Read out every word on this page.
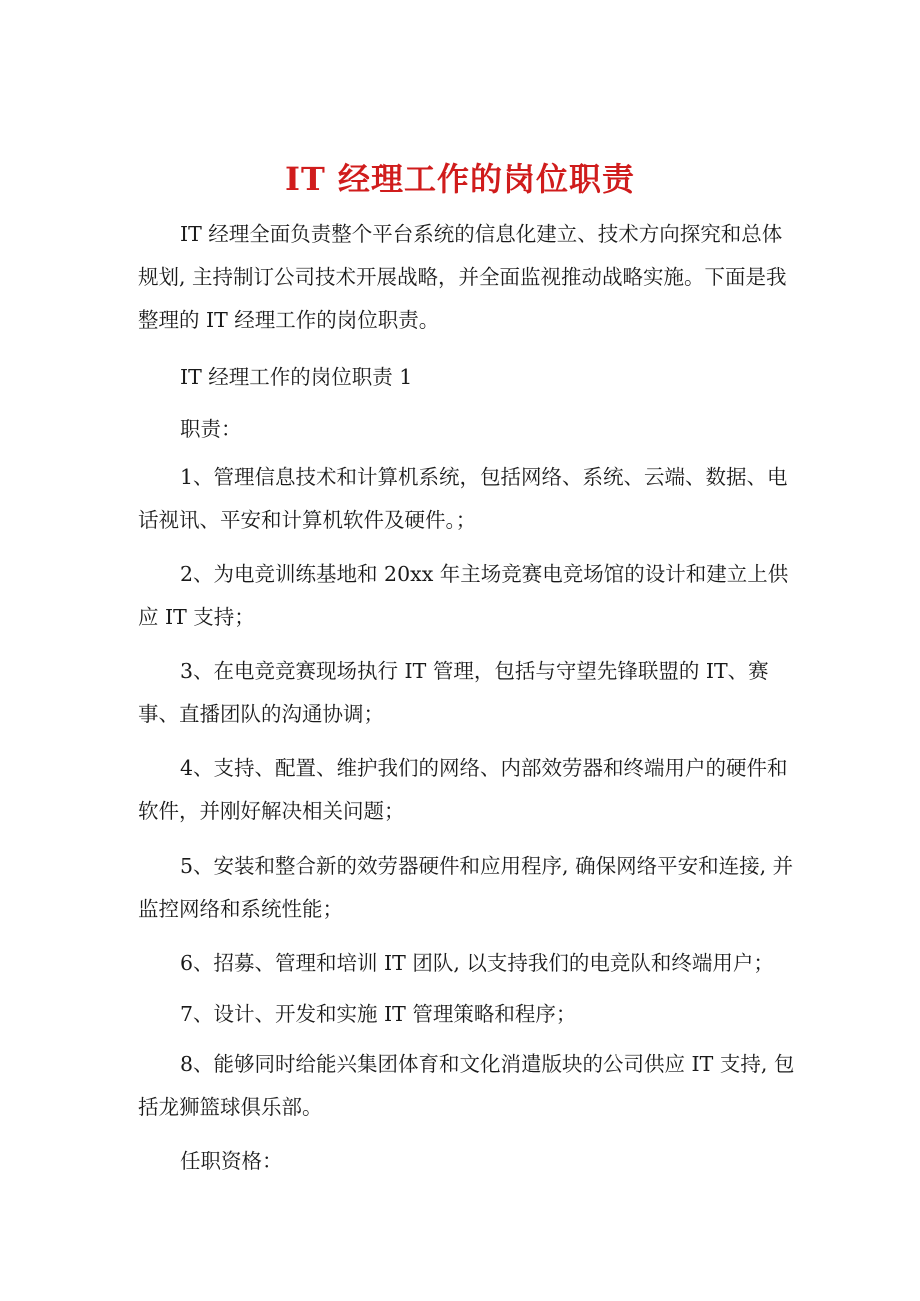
IT 经理工作的岗位职责

IT 经理全面负责整个平台系统的信息化建立、技术方向探究和总体规划, 主持制订公司技术开展战略，并全面监视推动战略实施。下面是我整理的 IT 经理工作的岗位职责。

IT 经理工作的岗位职责 1

职责：

1、管理信息技术和计算机系统，包括网络、系统、云端、数据、电话视讯、平安和计算机软件及硬件。；

2、为电竞训练基地和 20xx 年主场竞赛电竞场馆的设计和建立上供应 IT 支持；

3、在电竞竞赛现场执行 IT 管理，包括与守望先锋联盟的 IT、赛事、直播团队的沟通协调；

4、支持、配置、维护我们的网络、内部效劳器和终端用户的硬件和软件，并刚好解决相关问题；

5、安装和整合新的效劳器硬件和应用程序, 确保网络平安和连接, 并监控网络和系统性能；

6、招募、管理和培训 IT 团队, 以支持我们的电竞队和终端用户；

7、设计、开发和实施 IT 管理策略和程序；

8、能够同时给能兴集团体育和文化消遣版块的公司供应 IT 支持, 包括龙狮篮球俱乐部。

任职资格：
